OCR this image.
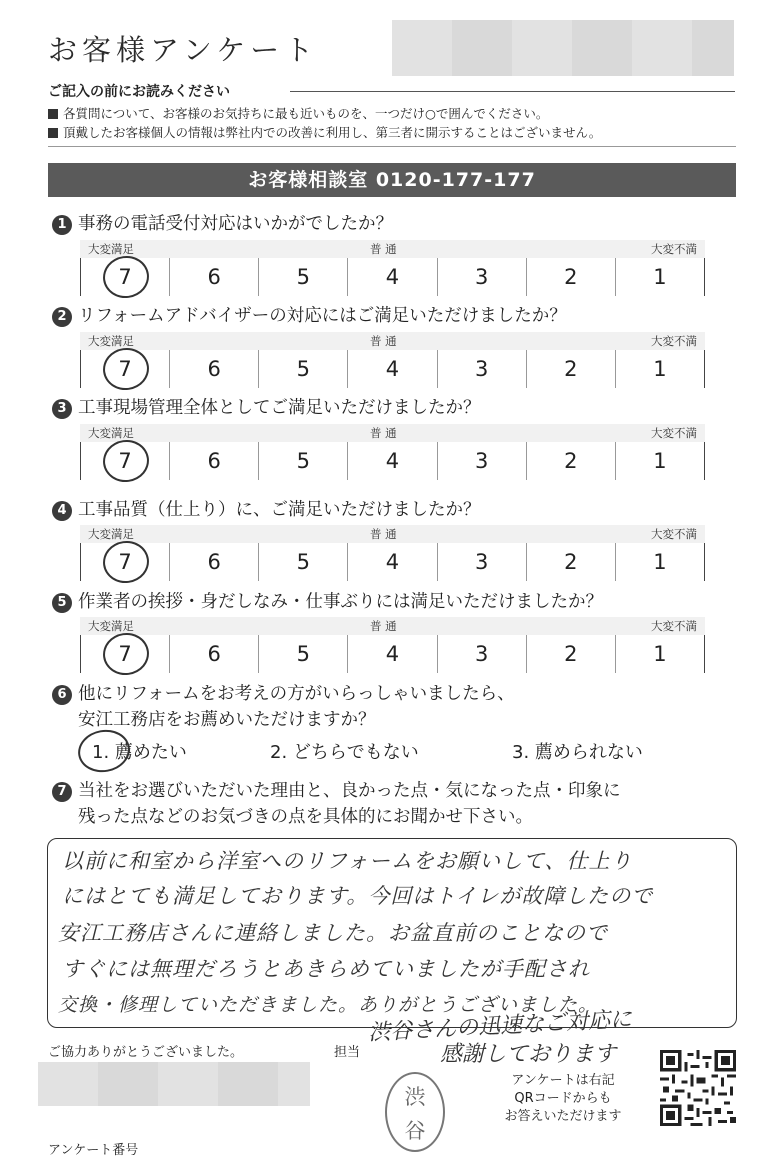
お客様アンケート
ご記入の前にお読みください
各質問について、お客様のお気持ちに最も近いものを、一つだけ○で囲んでください。
頂戴したお客様個人の情報は弊社内での改善に利用し、第三者に開示することはございません。
お客様相談室 0120-177-177
1 事務の電話受付対応はいかがでしたか？
大変満足	普 通	大変不満
7	6	5	4	3	2	1
2 リフォームアドバイザーの対応にはご満足いただけましたか？
大変満足	普 通	大変不満
7	6	5	4	3	2	1
3 工事現場管理全体としてご満足いただけましたか？
大変満足	普 通	大変不満
7	6	5	4	3	2	1
4 工事品質（仕上り）に、ご満足いただけましたか？
大変満足	普 通	大変不満
7	6	5	4	3	2	1
5 作業者の挨拶・身だしなみ・仕事ぶりには満足いただけましたか？
大変満足	普 通	大変不満
7	6	5	4	3	2	1
6 他にリフォームをお考えの方がいらっしゃいましたら、
安江工務店をお薦めいただけますか？
1. 薦めたい	2. どちらでもない	3. 薦められない
7 当社をお選びいただいた理由と、良かった点・気になった点・印象に
残った点などのお気づきの点を具体的にお聞かせ下さい。
以前に和室から洋室へのリフォームをお願いして、仕上り
にはとても満足しております。今回はトイレが故障したので
安江工務店さんに連絡しました。お盆直前のことなので
すぐには無理だろうとあきらめていましたが手配され
交換・修理していただきました。ありがとうございました。
ご協力ありがとうございました。	担当
渋谷さんの迅速なご対応に
感謝しております
渋
谷
アンケートは右記
QRコードからも
お答えいただけます
アンケート番号
